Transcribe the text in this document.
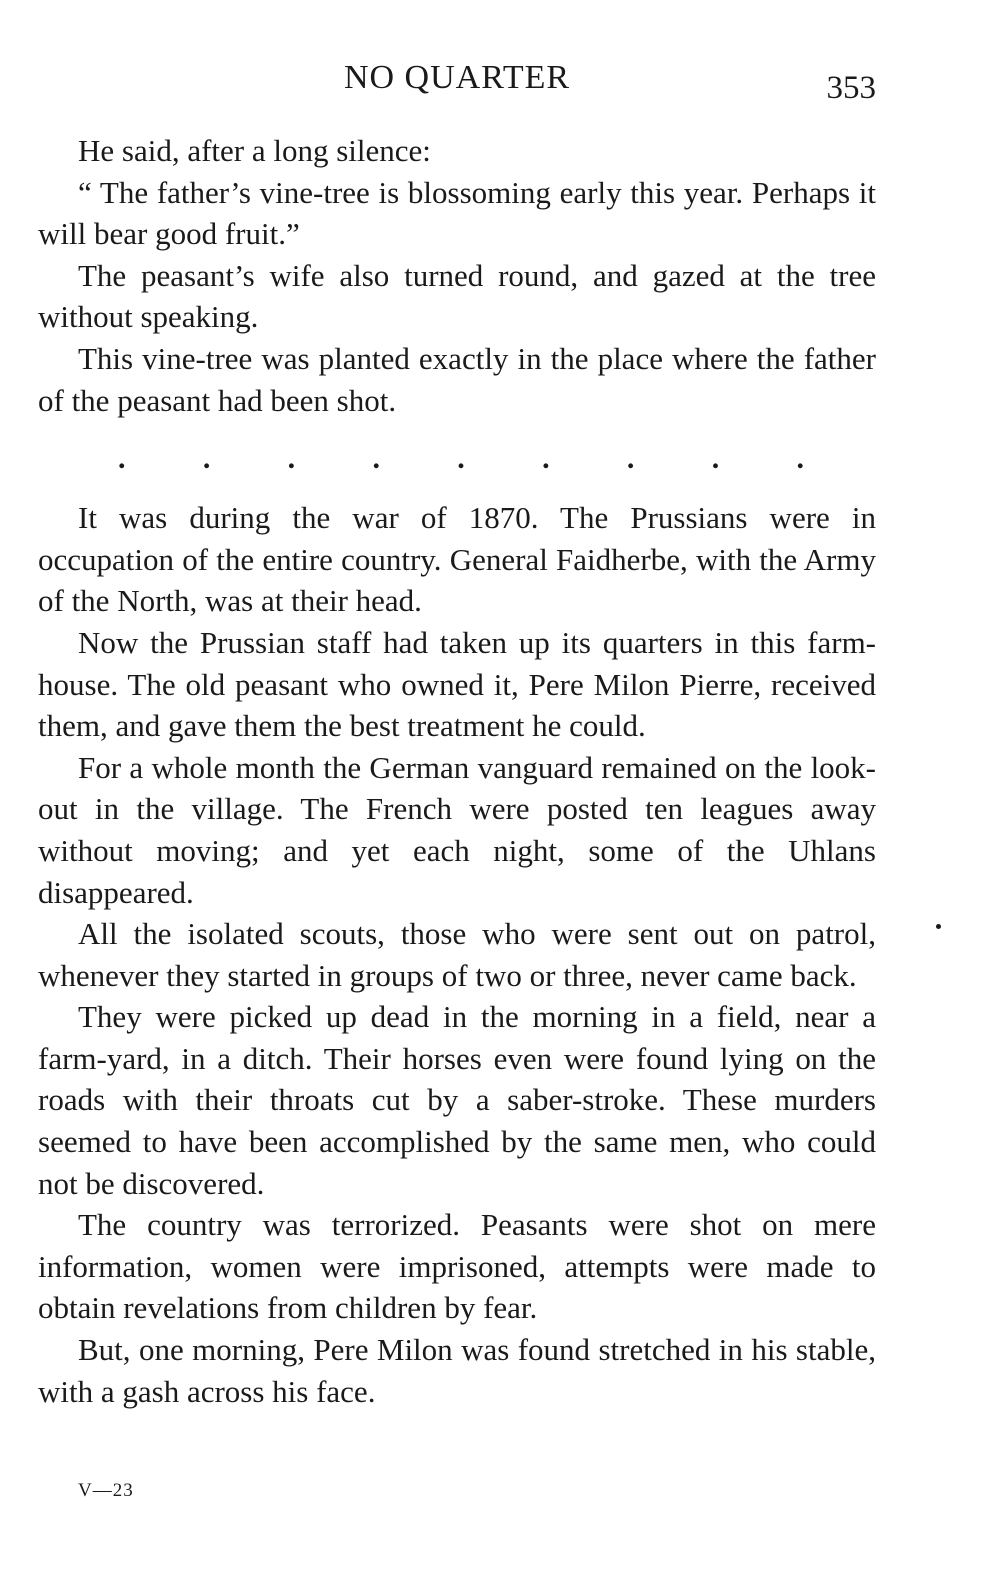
NO QUARTER	353

He said, after a long silence:

“ The father’s vine-tree is blossoming early this year. Perhaps it will bear good fruit.”

The peasant’s wife also turned round, and gazed at the tree without speaking.

This vine-tree was planted exactly in the place where the father of the peasant had been shot.

.	.	.	.	.	.	.	.	.

It was during the war of 1870. The Prussians were in occupation of the entire country. General Faidherbe, with the Army of the North, was at their head.

Now the Prussian staff had taken up its quarters in this farm-house. The old peasant who owned it, Pere Milon Pierre, received them, and gave them the best treatment he could.

For a whole month the German vanguard remained on the look-out in the village. The French were posted ten leagues away without moving; and yet each night, some of the Uhlans disappeared.

All the isolated scouts, those who were sent out on patrol, whenever they started in groups of two or three, never came back.

They were picked up dead in the morning in a field, near a farm-yard, in a ditch. Their horses even were found lying on the roads with their throats cut by a saber-stroke. These murders seemed to have been accomplished by the same men, who could not be discovered.

The country was terrorized. Peasants were shot on mere information, women were imprisoned, attempts were made to obtain revelations from children by fear.

But, one morning, Pere Milon was found stretched in his stable, with a gash across his face.

V—23
